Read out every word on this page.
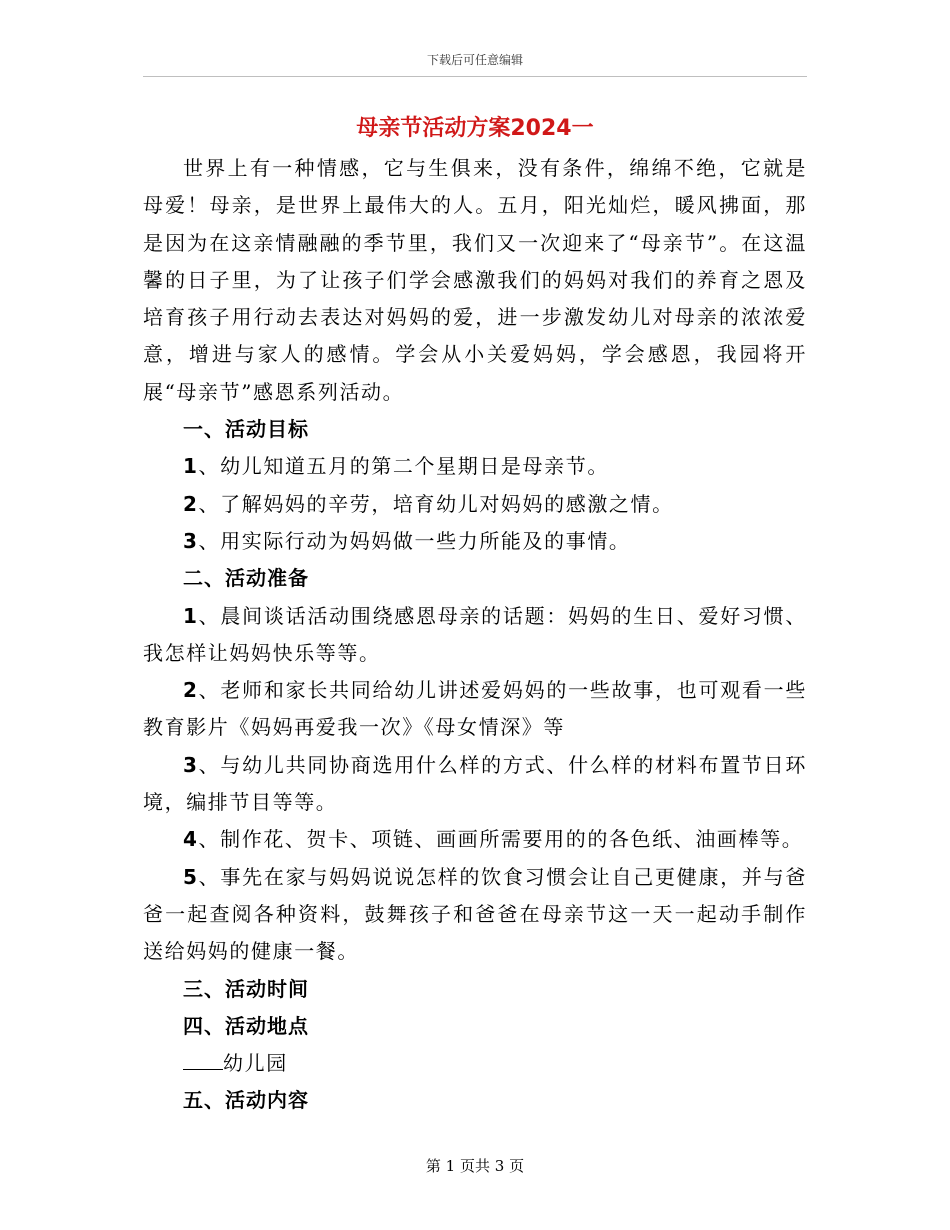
下载后可任意编辑
母亲节活动方案2024一

世界上有一种情感，它与生俱来，没有条件，绵绵不绝，它就是母爱！母亲，是世界上最伟大的人。五月，阳光灿烂，暖风拂面，那是因为在这亲情融融的季节里，我们又一次迎来了“母亲节”。在这温馨的日子里，为了让孩子们学会感激我们的妈妈对我们的养育之恩及培育孩子用行动去表达对妈妈的爱，进一步激发幼儿对母亲的浓浓爱意，增进与家人的感情。学会从小关爱妈妈，学会感恩，我园将开展“母亲节”感恩系列活动。

一、活动目标

1、幼儿知道五月的第二个星期日是母亲节。

2、了解妈妈的辛劳，培育幼儿对妈妈的感激之情。

3、用实际行动为妈妈做一些力所能及的事情。

二、活动准备

1、晨间谈话活动围绕感恩母亲的话题：妈妈的生日、爱好习惯、我怎样让妈妈快乐等等。

2、老师和家长共同给幼儿讲述爱妈妈的一些故事，也可观看一些教育影片《妈妈再爱我一次》《母女情深》等

3、与幼儿共同协商选用什么样的方式、什么样的材料布置节日环境，编排节目等等。

4、制作花、贺卡、项链、画画所需要用的的各色纸、油画棒等。

5、事先在家与妈妈说说怎样的饮食习惯会让自己更健康，并与爸爸一起查阅各种资料，鼓舞孩子和爸爸在母亲节这一天一起动手制作送给妈妈的健康一餐。

三、活动时间

四、活动地点

幼儿园

五、活动内容

第 1 页共 3 页
